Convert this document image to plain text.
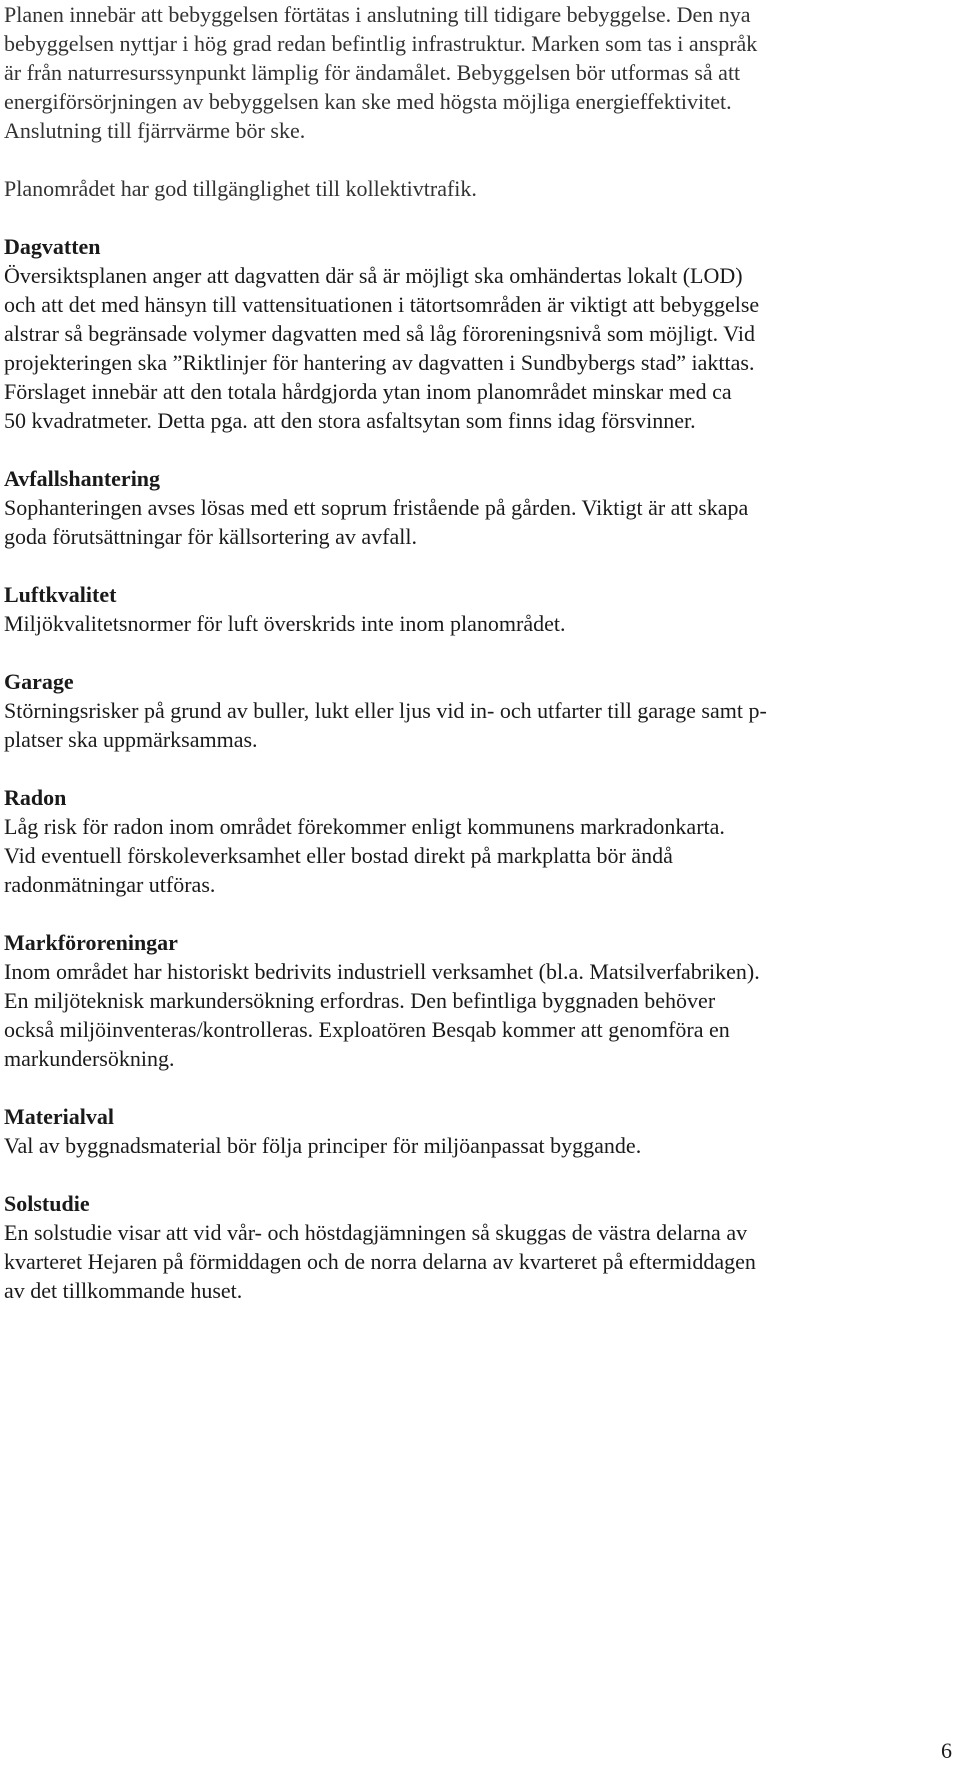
Planen innebär att bebyggelsen förtätas i anslutning till tidigare bebyggelse. Den nya
bebyggelsen nyttjar i hög grad redan befintlig infrastruktur. Marken som tas i anspråk
är från naturresurssynpunkt lämplig för ändamålet. Bebyggelsen bör utformas så att
energiförsörjningen av bebyggelsen kan ske med högsta möjliga energieffektivitet.
Anslutning till fjärrvärme bör ske.

Planområdet har god tillgänglighet till kollektivtrafik.

Dagvatten

Översiktsplanen anger att dagvatten där så är möjligt ska omhändertas lokalt (LOD)
och att det med hänsyn till vattensituationen i tätortsområden är viktigt att bebyggelse
alstrar så begränsade volymer dagvatten med så låg föroreningsnivå som möjligt. Vid
projekteringen ska ”Riktlinjer för hantering av dagvatten i Sundbybergs stad” iakttas.
Förslaget innebär att den totala hårdgjorda ytan inom planområdet minskar med ca
50 kvadratmeter. Detta pga. att den stora asfaltsytan som finns idag försvinner.

Avfallshantering

Sophanteringen avses lösas med ett soprum fristående på gården. Viktigt är att skapa
goda förutsättningar för källsortering av avfall.

Luftkvalitet

Miljökvalitetsnormer för luft överskrids inte inom planområdet.

Garage

Störningsrisker på grund av buller, lukt eller ljus vid in- och utfarter till garage samt p-
platser ska uppmärksammas.

Radon

Låg risk för radon inom området förekommer enligt kommunens markradonkarta.
Vid eventuell förskoleverksamhet eller bostad direkt på markplatta bör ändå
radonmätningar utföras.

Markföroreningar

Inom området har historiskt bedrivits industriell verksamhet (bl.a. Matsilverfabriken).
En miljöteknisk markundersökning erfordras. Den befintliga byggnaden behöver
också miljöinventeras/kontrolleras. Exploatören Besqab kommer att genomföra en
markundersökning.

Materialval

Val av byggnadsmaterial bör följa principer för miljöanpassat byggande.

Solstudie

En solstudie visar att vid vår- och höstdagjämningen så skuggas de västra delarna av
kvarteret Hejaren på förmiddagen och de norra delarna av kvarteret på eftermiddagen
av det tillkommande huset.

6
